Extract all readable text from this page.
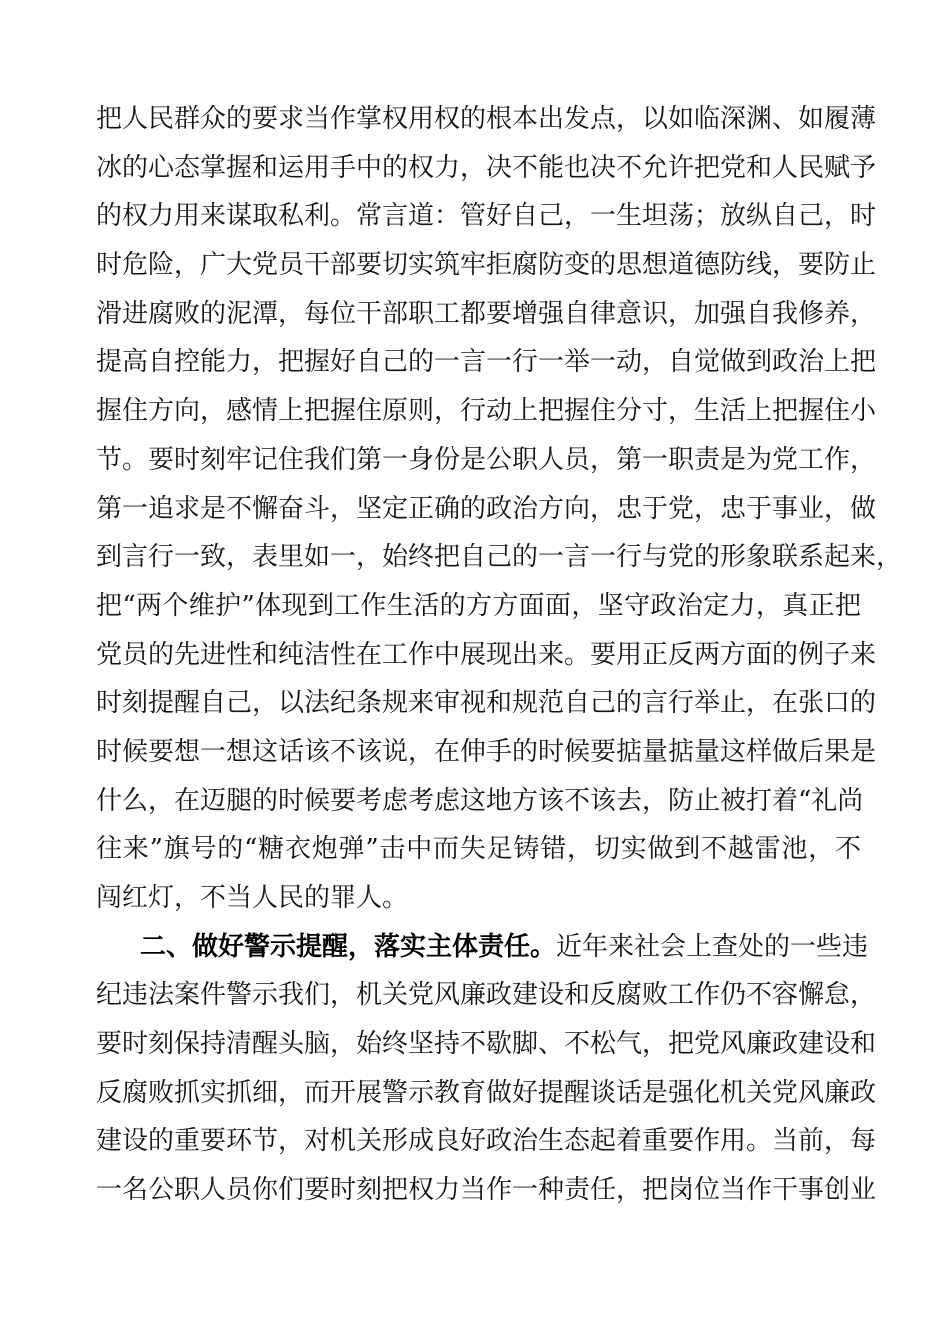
把人民群众的要求当作掌权用权的根本出发点，以如临深渊、如履薄
冰的心态掌握和运用手中的权力，决不能也决不允许把党和人民赋予
的权力用来谋取私利。常言道：管好自己，一生坦荡；放纵自己，时
时危险，广大党员干部要切实筑牢拒腐防变的思想道德防线，要防止
滑进腐败的泥潭，每位干部职工都要增强自律意识，加强自我修养，
提高自控能力，把握好自己的一言一行一举一动，自觉做到政治上把
握住方向，感情上把握住原则，行动上把握住分寸，生活上把握住小
节。要时刻牢记住我们第一身份是公职人员，第一职责是为党工作，
第一追求是不懈奋斗，坚定正确的政治方向，忠于党，忠于事业，做
到言行一致，表里如一，始终把自己的一言一行与党的形象联系起来，
把“两个维护”体现到工作生活的方方面面，坚守政治定力，真正把
党员的先进性和纯洁性在工作中展现出来。要用正反两方面的例子来
时刻提醒自己，以法纪条规来审视和规范自己的言行举止，在张口的
时候要想一想这话该不该说，在伸手的时候要掂量掂量这样做后果是
什么，在迈腿的时候要考虑考虑这地方该不该去，防止被打着“礼尚
往来”旗号的“糖衣炮弹”击中而失足铸错，切实做到不越雷池，不
闯红灯，不当人民的罪人。
二、做好警示提醒，落实主体责任。近年来社会上查处的一些违
纪违法案件警示我们，机关党风廉政建设和反腐败工作仍不容懈怠，
要时刻保持清醒头脑，始终坚持不歇脚、不松气，把党风廉政建设和
反腐败抓实抓细，而开展警示教育做好提醒谈话是强化机关党风廉政
建设的重要环节，对机关形成良好政治生态起着重要作用。当前，每
一名公职人员你们要时刻把权力当作一种责任，把岗位当作干事创业
